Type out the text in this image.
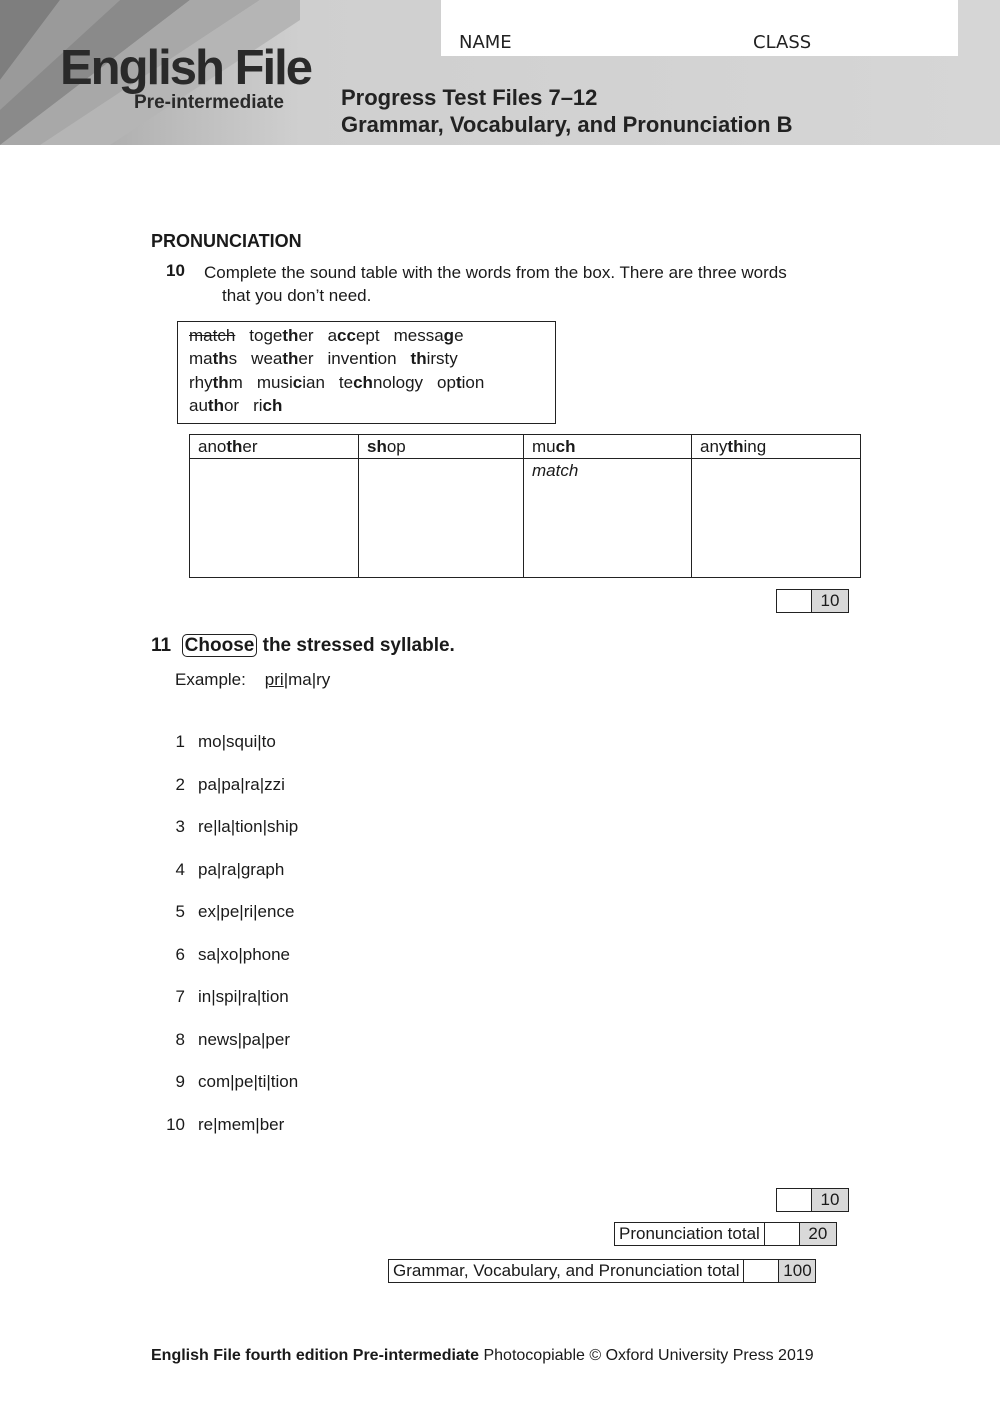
NAME	CLASS
English File
Pre-intermediate	Progress Test Files 7–12
Grammar, Vocabulary, and Pronunciation B
PRONUNCIATION
10 Complete the sound table with the words from the box. There are three words
that you don’t need.
match together accept message
maths weather invention thirsty
rhythm musician technology option
author rich
another	shop	much	anything
		match	
10
11 Choose the stressed syllable.
Example: pri|ma|ry
1 mo|squi|to
2 pa|pa|ra|zzi
3 re|la|tion|ship
4 pa|ra|graph
5 ex|pe|ri|ence
6 sa|xo|phone
7 in|spi|ra|tion
8 news|pa|per
9 com|pe|ti|tion
10 re|mem|ber
10
Pronunciation total	20
Grammar, Vocabulary, and Pronunciation total	100
English File fourth edition Pre-intermediate Photocopiable © Oxford University Press 2019
